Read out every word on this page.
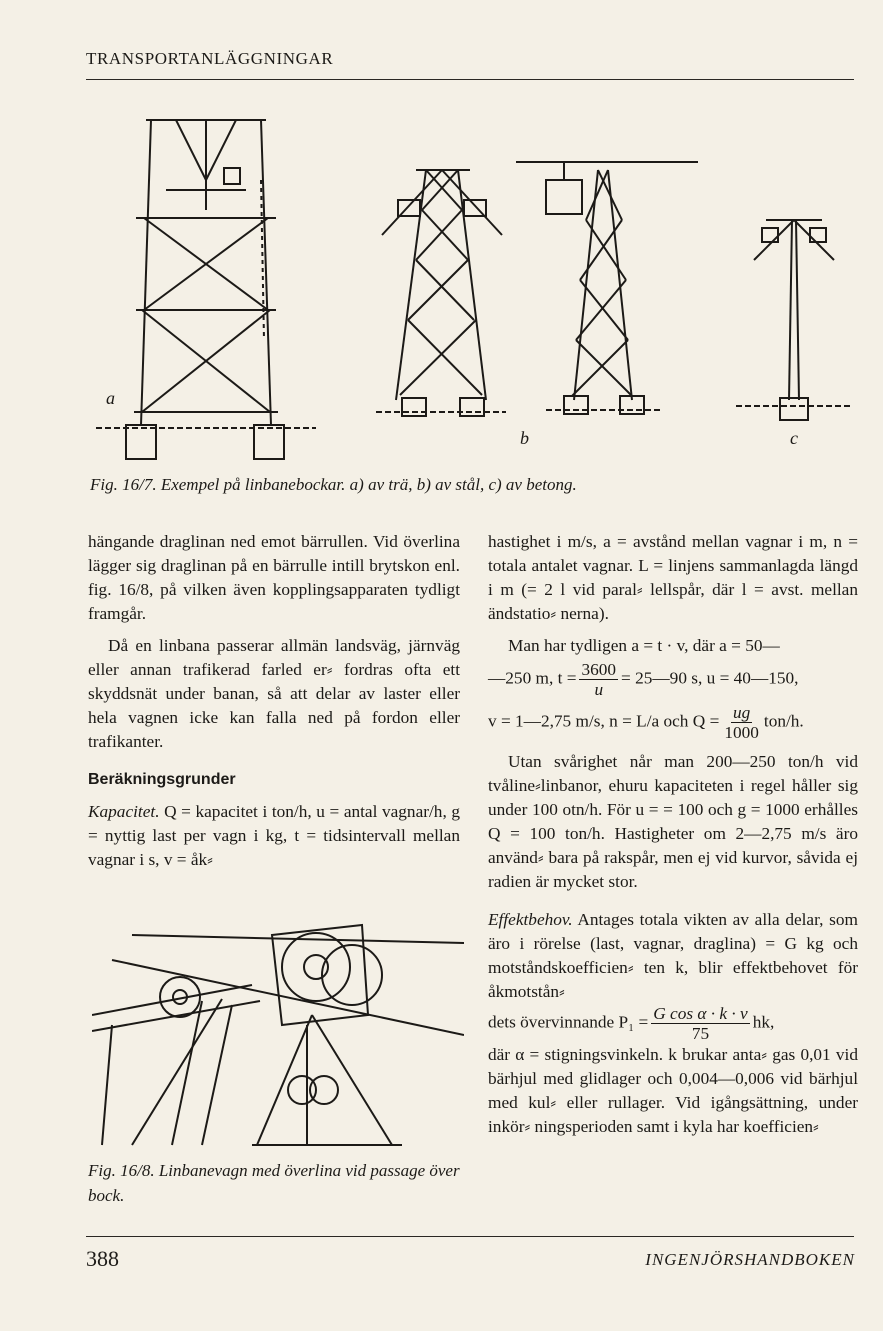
TRANSPORTANLÄGGNINGAR
a
b	c
Fig. 16/7. Exempel på linbanebockar. a) av trä, b) av stål, c) av betong.

hängande draglinan ned emot bärrullen. Vid överlina lägger sig draglinan på en bärrulle intill brytskon enl. fig. 16/8, på vilken även kopplingsapparaten tydligt framgår.

Då en linbana passerar allmän landsväg, järnväg eller annan trafikerad farled er⸗ fordras ofta ett skyddsnät under banan, så att delar av laster eller hela vagnen icke kan falla ned på fordon eller trafikanter.

Beräkningsgrunder

Kapacitet. Q = kapacitet i ton/h, u = antal vagnar/h, g = nyttig last per vagn i kg, t = tidsintervall mellan vagnar i s, v = åk⸗

Fig. 16/8. Linbanevagn med överlina vid passage över bock.

hastighet i m/s, a = avstånd mellan vagnar i m, n = totala antalet vagnar. L = linjens sammanlagda längd i m (= 2 l vid paral⸗ lellspår, där l = avst. mellan ändstatio⸗ nerna).

Man har tydligen a = t · v, där a = 50—

—250 m, $t = \frac{3600}{u}$ = 25—90 s, u = 40—150,

v = 1—2,75 m/s, n = L/a och $Q = \frac{ug}{1000} ton/h$.

Utan svårighet når man 200—250 ton/h vid tvåline⸗linbanor, ehuru kapaciteten i regel håller sig under 100 otn/h. För u = = 100 och g = 1000 erhålles Q = 100 ton/h. Hastigheter om 2—2,75 m/s äro använd⸗ bara på rakspår, men ej vid kurvor, såvida ej radien är mycket stor.

Effektbehov. Antages totala vikten av alla delar, som äro i rörelse (last, vagnar, draglina) = G kg och motståndskoefficien⸗ ten k, blir effektbehovet för åkmotstån⸗

dets övervinnande $P_1 = \frac{\text{G cos α · k · v}}{75}$ hk,

där α = stigningsvinkeln. k brukar anta⸗ gas 0,01 vid bärhjul med glidlager och 0,004—0,006 vid bärhjul med kul⸗ eller rullager. Vid igångsättning, under inkör⸗ ningsperioden samt i kyla har koefficien⸗

388	INGENJÖRSHANDBOKEN
